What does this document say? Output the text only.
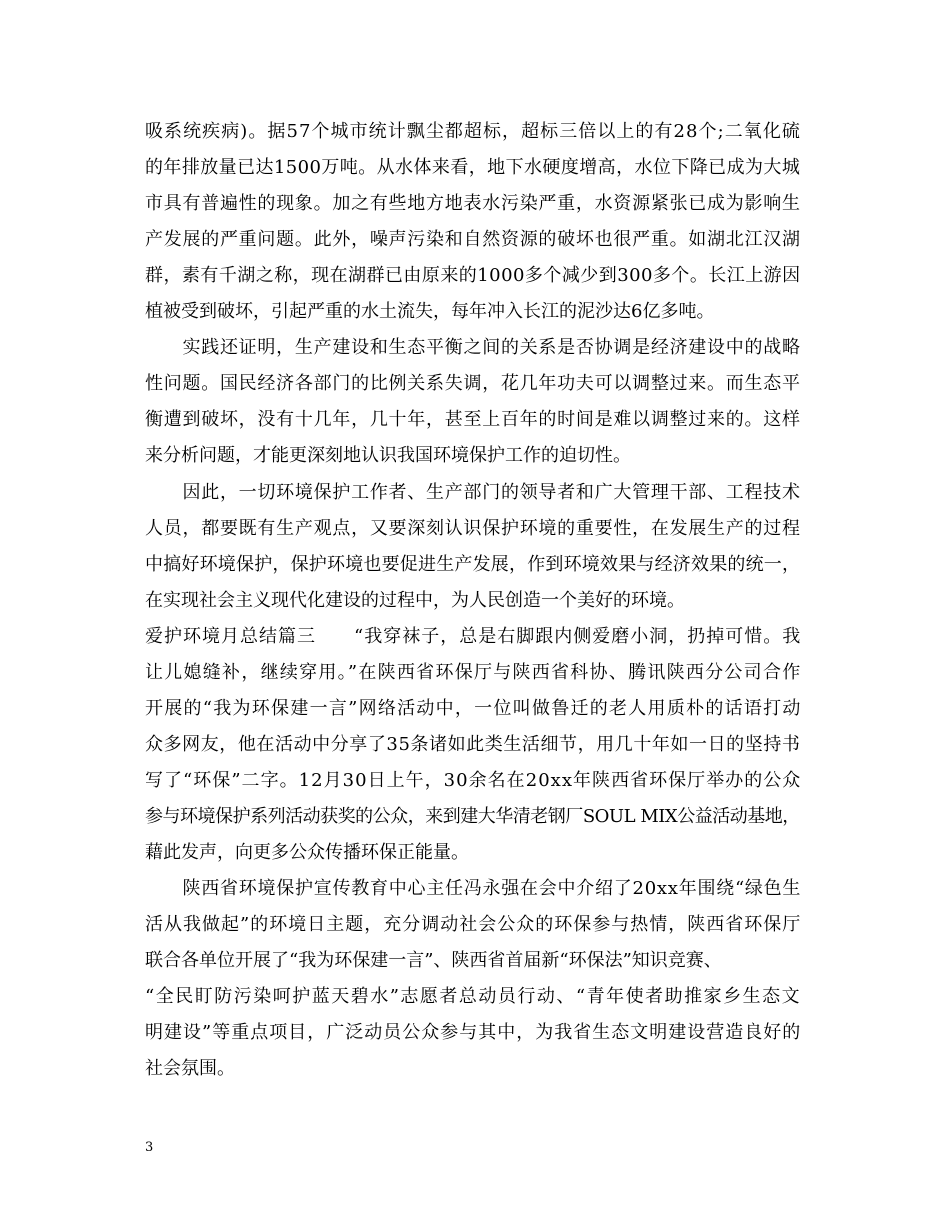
吸系统疾病)。据57个城市统计飘尘都超标，超标三倍以上的有28个;二氧化硫
的年排放量已达1500万吨。从水体来看，地下水硬度增高，水位下降已成为大城
市具有普遍性的现象。加之有些地方地表水污染严重，水资源紧张已成为影响生
产发展的严重问题。此外，噪声污染和自然资源的破坏也很严重。如湖北江汉湖
群，素有千湖之称，现在湖群已由原来的1000多个减少到300多个。长江上游因
植被受到破坏，引起严重的水土流失，每年冲入长江的泥沙达6亿多吨。
　　实践还证明，生产建设和生态平衡之间的关系是否协调是经济建设中的战略
性问题。国民经济各部门的比例关系失调，花几年功夫可以调整过来。而生态平
衡遭到破坏，没有十几年，几十年，甚至上百年的时间是难以调整过来的。这样
来分析问题，才能更深刻地认识我国环境保护工作的迫切性。
　　因此，一切环境保护工作者、生产部门的领导者和广大管理干部、工程技术
人员，都要既有生产观点，又要深刻认识保护环境的重要性，在发展生产的过程
中搞好环境保护，保护环境也要促进生产发展，作到环境效果与经济效果的统一，
在实现社会主义现代化建设的过程中，为人民创造一个美好的环境。
爱护环境月总结篇三　　“我穿袜子，总是右脚跟内侧爱磨小洞，扔掉可惜。我
让儿媳缝补，继续穿用。”在陕西省环保厅与陕西省科协、腾讯陕西分公司合作
开展的“我为环保建一言”网络活动中，一位叫做鲁迁的老人用质朴的话语打动
众多网友，他在活动中分享了35条诸如此类生活细节，用几十年如一日的坚持书
写了“环保”二字。12月30日上午，30余名在20xx年陕西省环保厅举办的公众
参与环境保护系列活动获奖的公众，来到建大华清老钢厂SOUL MIX公益活动基地，
藉此发声，向更多公众传播环保正能量。
　　陕西省环境保护宣传教育中心主任冯永强在会中介绍了20xx年围绕“绿色生
活从我做起”的环境日主题，充分调动社会公众的环保参与热情，陕西省环保厅
联合各单位开展了“我为环保建一言”、陕西省首届新“环保法”知识竞赛、
“全民盯防污染呵护蓝天碧水”志愿者总动员行动、“青年使者助推家乡生态文
明建设”等重点项目，广泛动员公众参与其中，为我省生态文明建设营造良好的
社会氛围。
3
